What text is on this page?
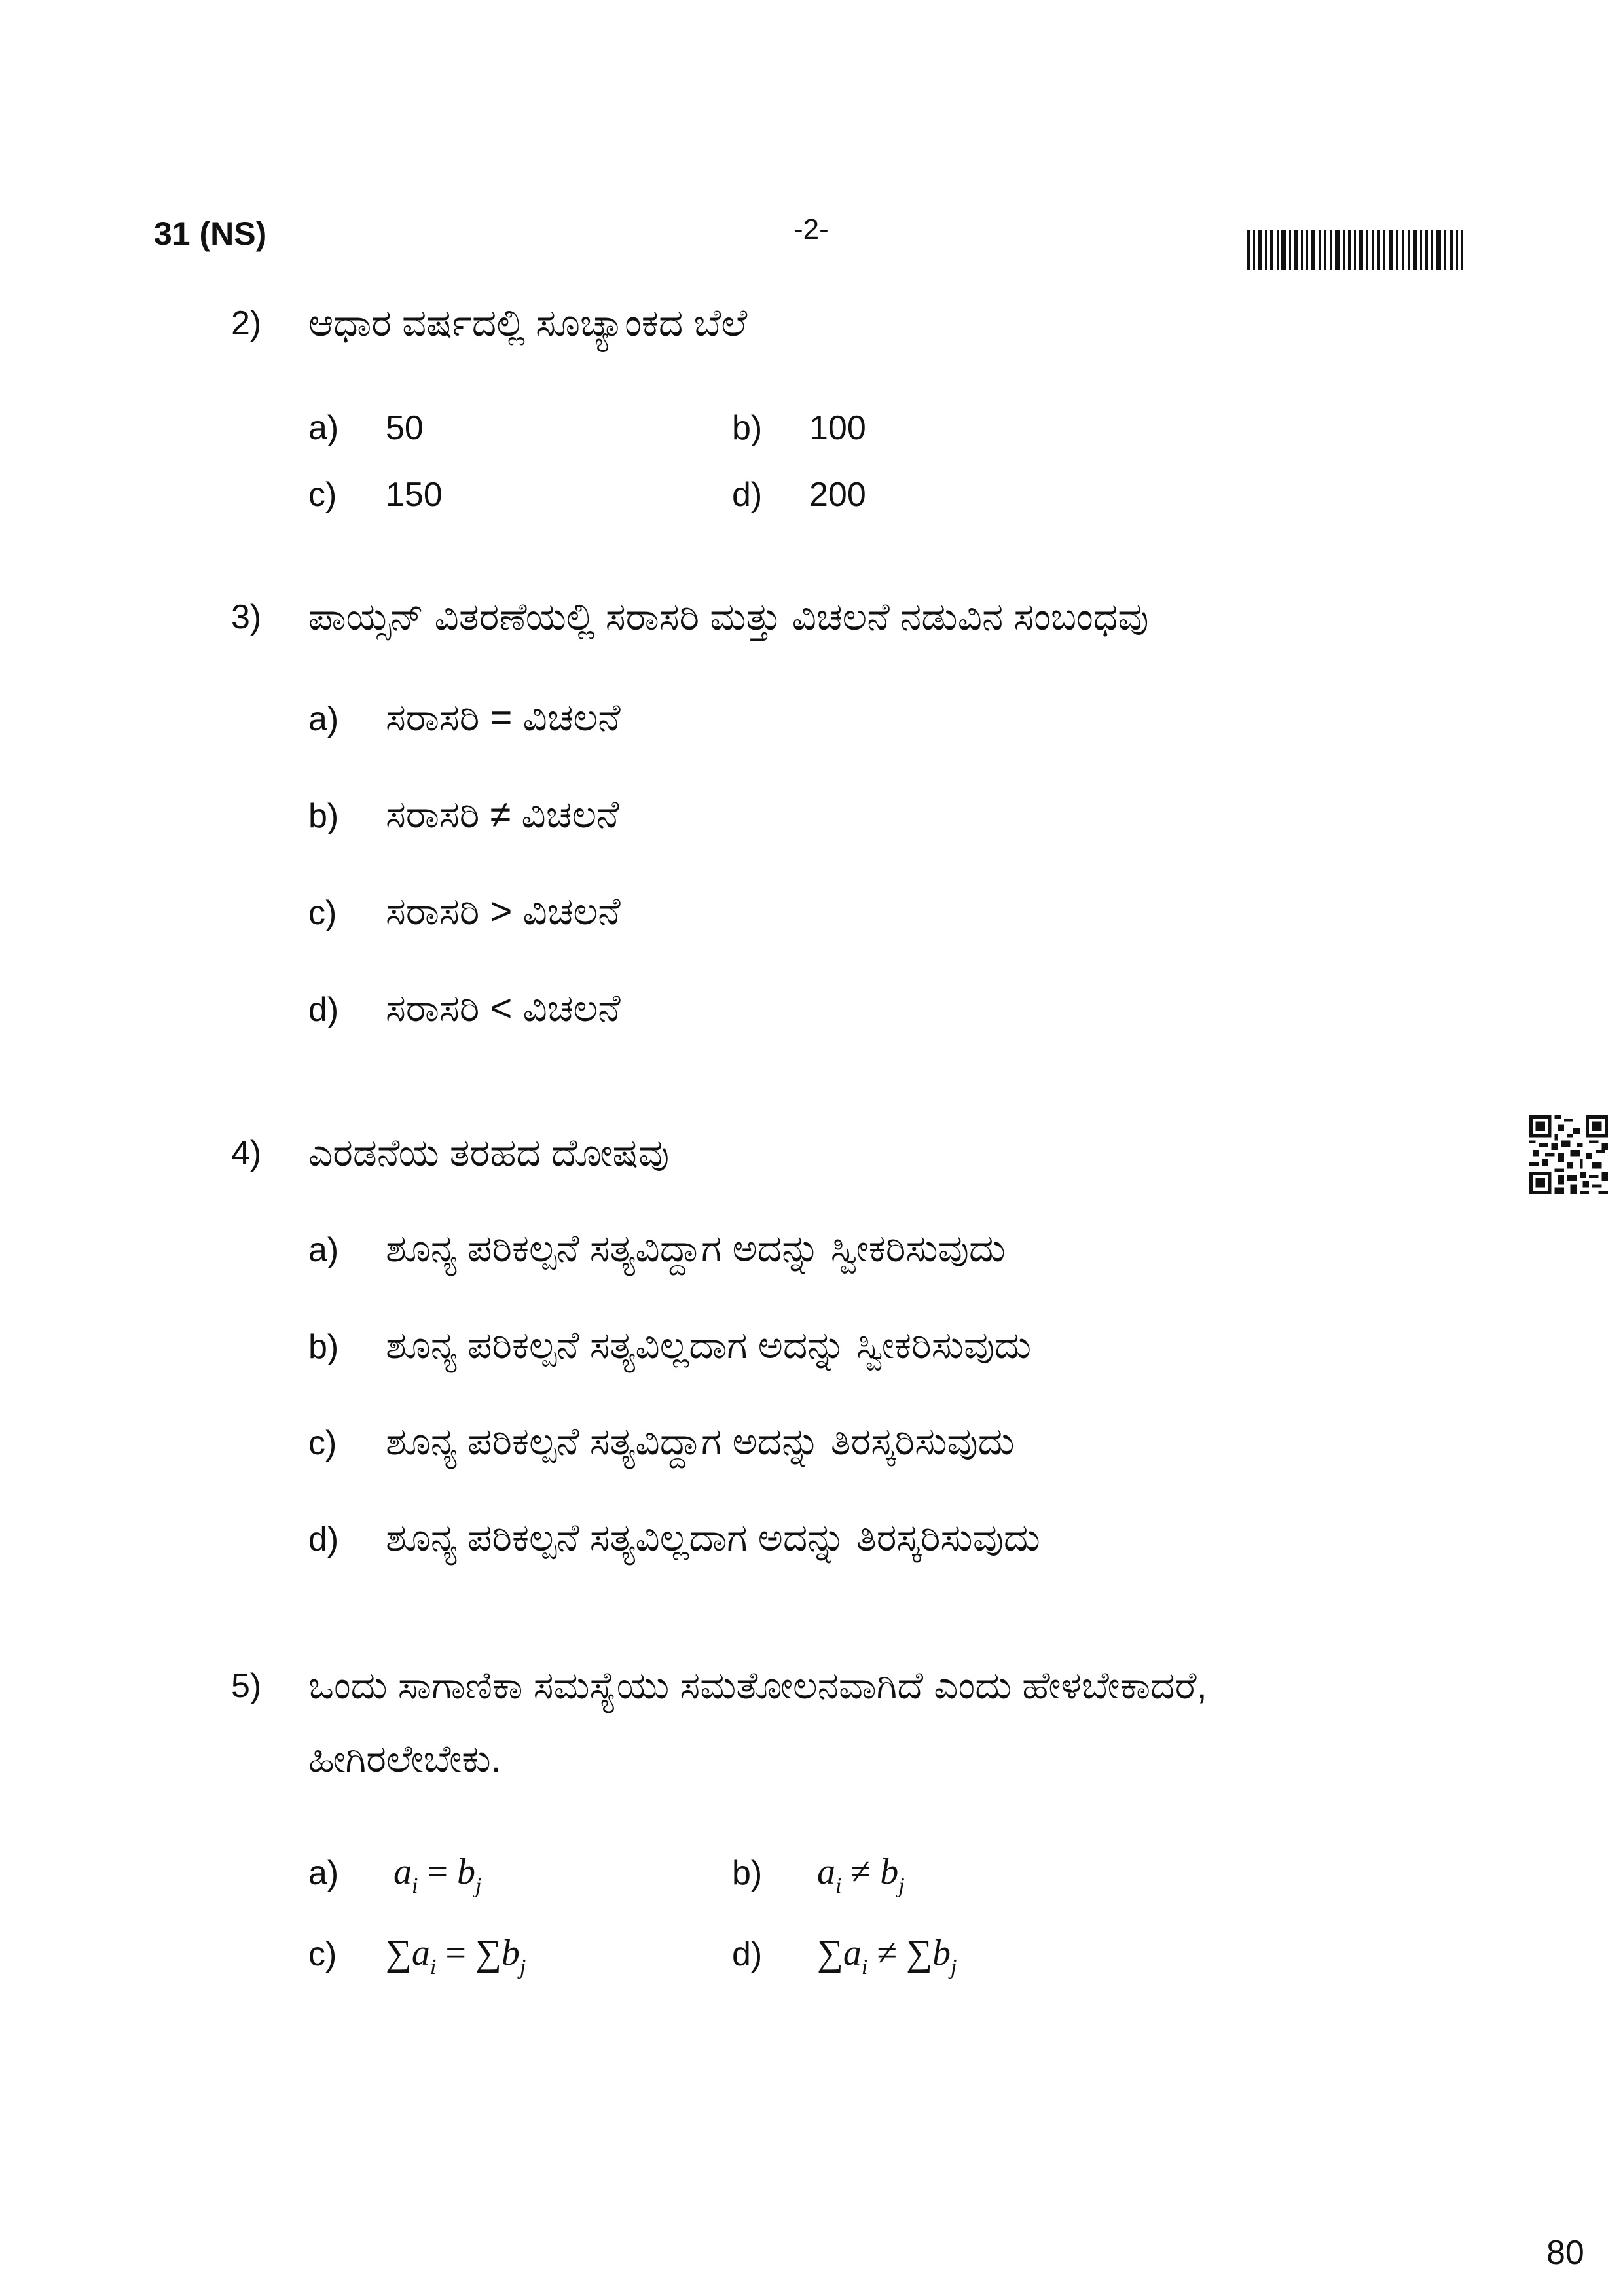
31 (NS)	-2-
2) ಆಧಾರ ವರ್ಷದಲ್ಲಿ ಸೂಚ್ಯಾಂಕದ ಬೆಲೆ
a) 50	b) 100
c) 150	d) 200
3) ಪಾಯ್ಸನ್ ವಿತರಣೆಯಲ್ಲಿ ಸರಾಸರಿ ಮತ್ತು ವಿಚಲನೆ ನಡುವಿನ ಸಂಬಂಧವು
a) ಸರಾಸರಿ = ವಿಚಲನೆ
b) ಸರಾಸರಿ ≠ ವಿಚಲನೆ
c) ಸರಾಸರಿ > ವಿಚಲನೆ
d) ಸರಾಸರಿ < ವಿಚಲನೆ
4) ಎರಡನೆಯ ತರಹದ ದೋಷವು
a) ಶೂನ್ಯ ಪರಿಕಲ್ಪನೆ ಸತ್ಯವಿದ್ದಾಗ ಅದನ್ನು ಸ್ವೀಕರಿಸುವುದು
b) ಶೂನ್ಯ ಪರಿಕಲ್ಪನೆ ಸತ್ಯವಿಲ್ಲದಾಗ ಅದನ್ನು ಸ್ವೀಕರಿಸುವುದು
c) ಶೂನ್ಯ ಪರಿಕಲ್ಪನೆ ಸತ್ಯವಿದ್ದಾಗ ಅದನ್ನು ತಿರಸ್ಕರಿಸುವುದು
d) ಶೂನ್ಯ ಪರಿಕಲ್ಪನೆ ಸತ್ಯವಿಲ್ಲದಾಗ ಅದನ್ನು ತಿರಸ್ಕರಿಸುವುದು
5) ಒಂದು ಸಾಗಾಣಿಕಾ ಸಮಸ್ಯೆಯು ಸಮತೋಲನವಾಗಿದೆ ಎಂದು ಹೇಳಬೇಕಾದರೆ,
ಹೀಗಿರಲೇಬೇಕು.
a) $a_i = b_j$	b) $a_i \ne b_j$
c) $\sum a_i = \sum b_j$	d) $\sum a_i \ne \sum b_j$
80
